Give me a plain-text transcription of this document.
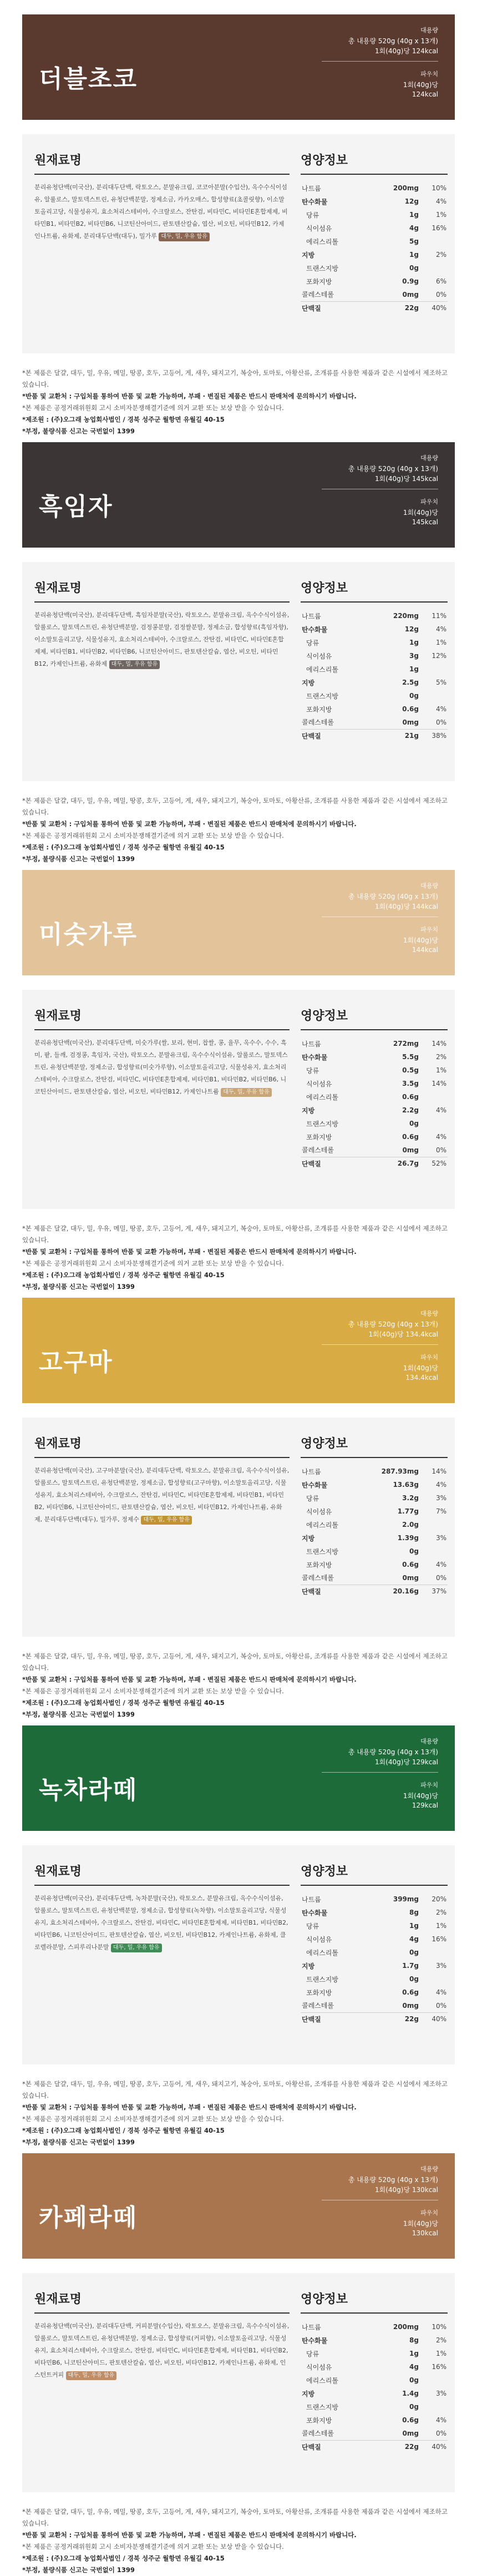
더블초코
대용량
총 내용량 520g (40g x 13개)
1회(40g)당 124kcal
파우치
1회(40g)당
124kcal
원재료명
분리유청단백(미국산), 분리대두단백, 락토오스, 분말유크림, 코코아분말(수입산), 옥수수식이섬유, 알룰로스, 말토덱스트린, 유청단백분말, 정제소금, 카카오매스, 합성향료(초콜릿향), 이소말토올리고당, 식물성유지, 효소처리스테비아, 수크랄로스, 잔탄검, 비타민C, 비타민E혼합제제, 비타민B1, 비타민B2, 비타민B6, 니코틴산아미드, 판토텐산칼슘, 엽산, 비오틴, 비타민B12, 카제인나트륨, 유화제, 분리대두단백(대두), 밀가루 대두, 밀, 우유 함유
영양정보
나트륨	200mg	10%
탄수화물	12g	4%
당류	1g	1%
식이섬유	4g	16%
에리스리톨	5g	
지방	1g	2%
트랜스지방	0g	
포화지방	0.9g	6%
콜레스테롤	0mg	0%
단백질	22g	40%
*본 제품은 달걀, 대두, 밀, 우유, 메밀, 땅콩, 호두, 고등어, 게, 새우, 돼지고기, 복숭아, 토마토, 아황산류, 조개류를 사용한 제품과 같은 시설에서 제조하고 있습니다.
*반품 및 교환처 : 구입처를 통하여 반품 및 교환 가능하며, 부패 · 변질된 제품은 반드시 판매처에 문의하시기 바랍니다.
*본 제품은 공정거래위원회 고시 소비자분쟁해결기준에 의거 교환 또는 보상 받을 수 있습니다.
*제조원 : (주)오그래 농업회사법인 / 경북 성주군 월항면 유월길 40-15
*부정, 불량식품 신고는 국번없이 1399
흑임자
대용량
총 내용량 520g (40g x 13개)
1회(40g)당 145kcal
파우치
1회(40g)당
145kcal
원재료명
분리유청단백(미국산), 분리대두단백, 흑임자분말(국산), 락토오스, 분말유크림, 옥수수식이섬유, 알룰로스, 말토덱스트린, 유청단백분말, 검정콩분말, 검정쌀분말, 정제소금, 합성향료(흑임자향), 이소말토올리고당, 식물성유지, 효소처리스테비아, 수크랄로스, 잔탄검, 비타민C, 비타민E혼합제제, 비타민B1, 비타민B2, 비타민B6, 니코틴산아미드, 판토텐산칼슘, 엽산, 비오틴, 비타민B12, 카제인나트륨, 유화제 대두, 밀, 우유 함유
영양정보
나트륨	220mg	11%
탄수화물	12g	4%
당류	1g	1%
식이섬유	3g	12%
에리스리톨	1g	
지방	2.5g	5%
트랜스지방	0g	
포화지방	0.6g	4%
콜레스테롤	0mg	0%
단백질	21g	38%
*본 제품은 달걀, 대두, 밀, 우유, 메밀, 땅콩, 호두, 고등어, 게, 새우, 돼지고기, 복숭아, 토마토, 아황산류, 조개류를 사용한 제품과 같은 시설에서 제조하고 있습니다.
*반품 및 교환처 : 구입처를 통하여 반품 및 교환 가능하며, 부패 · 변질된 제품은 반드시 판매처에 문의하시기 바랍니다.
*본 제품은 공정거래위원회 고시 소비자분쟁해결기준에 의거 교환 또는 보상 받을 수 있습니다.
*제조원 : (주)오그래 농업회사법인 / 경북 성주군 월항면 유월길 40-15
*부정, 불량식품 신고는 국번없이 1399
미숫가루
대용량
총 내용량 520g (40g x 13개)
1회(40g)당 144kcal
파우치
1회(40g)당
144kcal
원재료명
분리유청단백(미국산), 분리대두단백, 미숫가루(쌀, 보리, 현미, 찹쌀, 콩, 율무, 옥수수, 수수, 흑미, 팥, 들깨, 검정콩, 흑임자, 국산), 락토오스, 분말유크림, 옥수수식이섬유, 알룰로스, 말토덱스트린, 유청단백분말, 정제소금, 합성향료(미숫가루향), 이소말토올리고당, 식물성유지, 효소처리스테비아, 수크랄로스, 잔탄검, 비타민C, 비타민E혼합제제, 비타민B1, 비타민B2, 비타민B6, 니코틴산아미드, 판토텐산칼슘, 엽산, 비오틴, 비타민B12, 카제인나트륨 대두, 밀, 우유 함유
영양정보
나트륨	272mg	14%
탄수화물	5.5g	2%
당류	0.5g	1%
식이섬유	3.5g	14%
에리스리톨	0.6g	
지방	2.2g	4%
트랜스지방	0g	
포화지방	0.6g	4%
콜레스테롤	0mg	0%
단백질	26.7g	52%
*본 제품은 달걀, 대두, 밀, 우유, 메밀, 땅콩, 호두, 고등어, 게, 새우, 돼지고기, 복숭아, 토마토, 아황산류, 조개류를 사용한 제품과 같은 시설에서 제조하고 있습니다.
*반품 및 교환처 : 구입처를 통하여 반품 및 교환 가능하며, 부패 · 변질된 제품은 반드시 판매처에 문의하시기 바랍니다.
*본 제품은 공정거래위원회 고시 소비자분쟁해결기준에 의거 교환 또는 보상 받을 수 있습니다.
*제조원 : (주)오그래 농업회사법인 / 경북 성주군 월항면 유월길 40-15
*부정, 불량식품 신고는 국번없이 1399
고구마
대용량
총 내용량 520g (40g x 13개)
1회(40g)당 134.4kcal
파우치
1회(40g)당
134.4kcal
원재료명
분리유청단백(미국산), 고구마분말(국산), 분리대두단백, 락토오스, 분말유크림, 옥수수식이섬유, 알룰로스, 말토덱스트린, 유청단백분말, 정제소금, 합성향료(고구마향), 이소말토올리고당, 식물성유지, 효소처리스테비아, 수크랄로스, 잔탄검, 비타민C, 비타민E혼합제제, 비타민B1, 비타민B2, 비타민B6, 니코틴산아미드, 판토텐산칼슘, 엽산, 비오틴, 비타민B12, 카제인나트륨, 유화제, 분리대두단백(대두), 밀가루, 정제수 대두, 밀, 우유 함유
영양정보
나트륨	287.93mg	14%
탄수화물	13.63g	4%
당류	3.2g	3%
식이섬유	1.77g	7%
에리스리톨	2.0g	
지방	1.39g	3%
트랜스지방	0g	
포화지방	0.6g	4%
콜레스테롤	0mg	0%
단백질	20.16g	37%
*본 제품은 달걀, 대두, 밀, 우유, 메밀, 땅콩, 호두, 고등어, 게, 새우, 돼지고기, 복숭아, 토마토, 아황산류, 조개류를 사용한 제품과 같은 시설에서 제조하고 있습니다.
*반품 및 교환처 : 구입처를 통하여 반품 및 교환 가능하며, 부패 · 변질된 제품은 반드시 판매처에 문의하시기 바랍니다.
*본 제품은 공정거래위원회 고시 소비자분쟁해결기준에 의거 교환 또는 보상 받을 수 있습니다.
*제조원 : (주)오그래 농업회사법인 / 경북 성주군 월항면 유월길 40-15
*부정, 불량식품 신고는 국번없이 1399
녹차라떼
대용량
총 내용량 520g (40g x 13개)
1회(40g)당 129kcal
파우치
1회(40g)당
129kcal
원재료명
분리유청단백(미국산), 분리대두단백, 녹차분말(국산), 락토오스, 분말유크림, 옥수수식이섬유, 알룰로스, 말토덱스트린, 유청단백분말, 정제소금, 합성향료(녹차향), 이소말토올리고당, 식물성유지, 효소처리스테비아, 수크랄로스, 잔탄검, 비타민C, 비타민E혼합제제, 비타민B1, 비타민B2, 비타민B6, 니코틴산아미드, 판토텐산칼슘, 엽산, 비오틴, 비타민B12, 카제인나트륨, 유화제, 클로렐라분말, 스피루리나분말 대두, 밀, 우유 함유
영양정보
나트륨	399mg	20%
탄수화물	8g	2%
당류	1g	1%
식이섬유	4g	16%
에리스리톨	0g	
지방	1.7g	3%
트랜스지방	0g	
포화지방	0.6g	4%
콜레스테롤	0mg	0%
단백질	22g	40%
*본 제품은 달걀, 대두, 밀, 우유, 메밀, 땅콩, 호두, 고등어, 게, 새우, 돼지고기, 복숭아, 토마토, 아황산류, 조개류를 사용한 제품과 같은 시설에서 제조하고 있습니다.
*반품 및 교환처 : 구입처를 통하여 반품 및 교환 가능하며, 부패 · 변질된 제품은 반드시 판매처에 문의하시기 바랍니다.
*본 제품은 공정거래위원회 고시 소비자분쟁해결기준에 의거 교환 또는 보상 받을 수 있습니다.
*제조원 : (주)오그래 농업회사법인 / 경북 성주군 월항면 유월길 40-15
*부정, 불량식품 신고는 국번없이 1399
카페라떼
대용량
총 내용량 520g (40g x 13개)
1회(40g)당 130kcal
파우치
1회(40g)당
130kcal
원재료명
분리유청단백(미국산), 분리대두단백, 커피분말(수입산), 락토오스, 분말유크림, 옥수수식이섬유, 알룰로스, 말토덱스트린, 유청단백분말, 정제소금, 합성향료(커피향), 이소말토올리고당, 식물성유지, 효소처리스테비아, 수크랄로스, 잔탄검, 비타민C, 비타민E혼합제제, 비타민B1, 비타민B2, 비타민B6, 니코틴산아미드, 판토텐산칼슘, 엽산, 비오틴, 비타민B12, 카제인나트륨, 유화제, 인스턴트커피 대두, 밀, 우유 함유
영양정보
나트륨	200mg	10%
탄수화물	8g	2%
당류	1g	1%
식이섬유	4g	16%
에리스리톨	0g	
지방	1.4g	3%
트랜스지방	0g	
포화지방	0.6g	4%
콜레스테롤	0mg	0%
단백질	22g	40%
*본 제품은 달걀, 대두, 밀, 우유, 메밀, 땅콩, 호두, 고등어, 게, 새우, 돼지고기, 복숭아, 토마토, 아황산류, 조개류를 사용한 제품과 같은 시설에서 제조하고 있습니다.
*반품 및 교환처 : 구입처를 통하여 반품 및 교환 가능하며, 부패 · 변질된 제품은 반드시 판매처에 문의하시기 바랍니다.
*본 제품은 공정거래위원회 고시 소비자분쟁해결기준에 의거 교환 또는 보상 받을 수 있습니다.
*제조원 : (주)오그래 농업회사법인 / 경북 성주군 월항면 유월길 40-15
*부정, 불량식품 신고는 국번없이 1399
